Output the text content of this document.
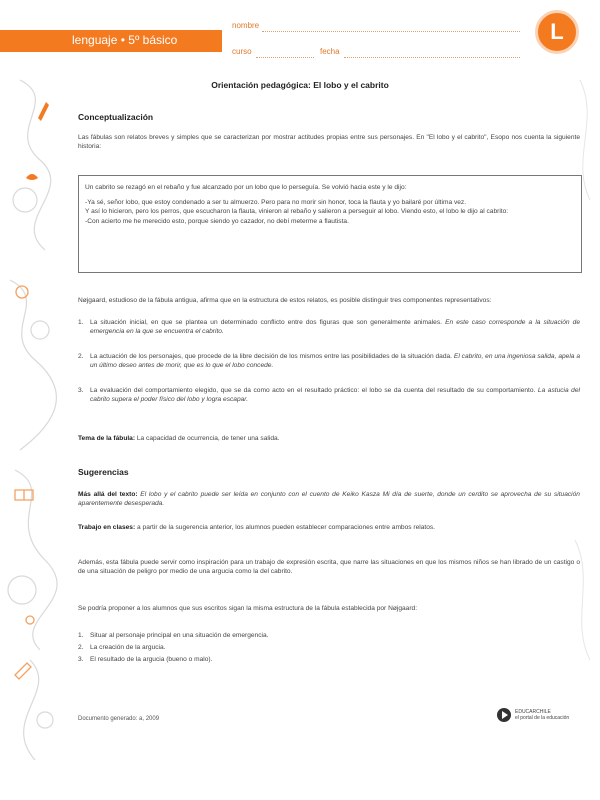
lenguaje • 5º básico
nombre
curso	fecha
L
Orientación pedagógica: El lobo y el cabrito
Conceptualización
Las fábulas son relatos breves y simples que se caracterizan por mostrar actitudes propias entre sus personajes. En "El lobo y el cabrito", Esopo nos cuenta la siguiente historia:
Un cabrito se rezagó en el rebaño y fue alcanzado por un lobo que lo perseguía. Se volvió hacia este y le dijo:
-Ya sé, señor lobo, que estoy condenado a ser tu almuerzo. Pero para no morir sin honor, toca la flauta y yo bailaré por última vez.
Y así lo hicieron, pero los perros, que escucharon la flauta, vinieron al rebaño y salieron a perseguir al lobo. Viendo esto, el lobo le dijo al cabrito:
-Con acierto me he merecido esto, porque siendo yo cazador, no debí meterme a flautista.
Nøjgaard, estudioso de la fábula antigua, afirma que en la estructura de estos relatos, es posible distinguir tres componentes representativos:
1. La situación inicial, en que se plantea un determinado conflicto entre dos figuras que son generalmente animales. En este caso corresponde a la situación de emergencia en la que se encuentra el cabrito.
2. La actuación de los personajes, que procede de la libre decisión de los mismos entre las posibilidades de la situación dada. El cabrito, en una ingeniosa salida, apela a un último deseo antes de morir, que es lo que el lobo concede.
3. La evaluación del comportamiento elegido, que se da como acto en el resultado práctico: el lobo se da cuenta del resultado de su comportamiento. La astucia del cabrito supera el poder físico del lobo y logra escapar.
Tema de la fábula: La capacidad de ocurrencia, de tener una salida.
Sugerencias
Más allá del texto: El lobo y el cabrito puede ser leída en conjunto con el cuento de Keiko Kasza Mi día de suerte, donde un cerdito se aprovecha de su situación aparentemente desesperada.
Trabajo en clases: a partir de la sugerencia anterior, los alumnos pueden establecer comparaciones entre ambos relatos.
Además, esta fábula puede servir como inspiración para un trabajo de expresión escrita, que narre las situaciones en que los mismos niños se han librado de un castigo o de una situación de peligro por medio de una argucia como la del cabrito.
Se podría proponer a los alumnos que sus escritos sigan la misma estructura de la fábula establecida por Nøjgaard:
1. Situar al personaje principal en una situación de emergencia.
2. La creación de la argucia.
3. El resultado de la argucia (bueno o malo).
Documento generado: a, 2009
EDUCARCHILE
el portal de la educación
